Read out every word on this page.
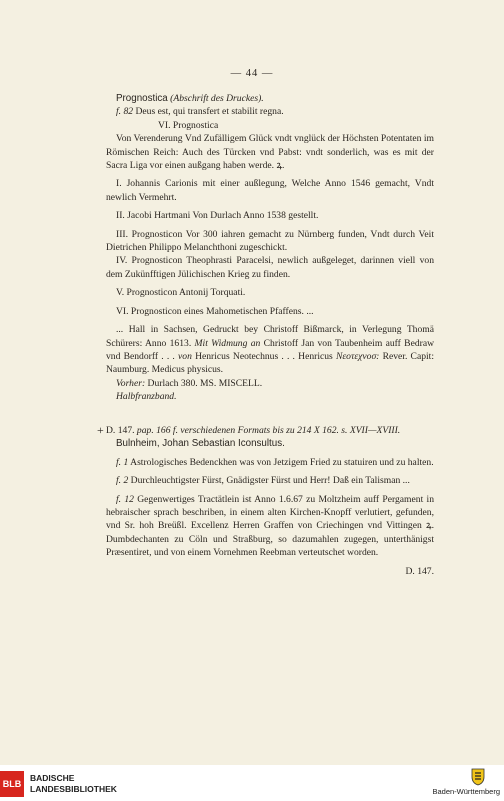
— 44 —

Prognostica (Abschrift des Druckes).

f. 82 Deus est, qui transfert et stabilit regna.

VI. Prognostica

Von Verenderung Vnd Zufälligem Glück vndt vnglück der Höchsten Potentaten im Römischen Reich: Auch des Türcken vnd Pabst: vndt sonderlich, was es mit der Sacra Liga vor einen außgang haben werde. ꝝ.

I. Johannis Carionis mit einer außlegung, Welche Anno 1546 gemacht, Vndt newlich Vermehrt.

II. Jacobi Hartmani Von Durlach Anno 1538 gestellt.

III. Prognosticon Vor 300 iahren gemacht zu Nürnberg funden, Vndt durch Veit Dietrichen Philippo Melanchthoni zugeschickt.

IV. Prognosticon Theophrasti Paracelsi, newlich außgeleget, darinnen viell von dem Zukünfftigen Jülichischen Krieg zu finden.

V. Prognosticon Antonij Torquati.

VI. Prognosticon eines Mahometischen Pfaffens. ...

... Hall in Sachsen, Gedruckt bey Christoff Bißmarck, in Verlegung Thomä Schürers: Anno 1613. Mit Widmung an Christoff Jan von Taubenheim auff Bedraw vnd Bendorff . . . von Henricus Neotechnus . . . Henricus Νεοτεχνοσ: Rever. Capit: Naumburg. Medicus physicus.

Vorher: Durlach 380. MS. MISCELL.

Halbfranzband.

+ D. 147. pap. 166 f. verschiedenen Formats bis zu 214 X 162. s. XVII—XVIII.

Bulnheim, Johan Sebastian Iconsultus.

f. 1 Astrologisches Bedenckhen was von Jetzigem Fried zu statuiren und zu halten.

f. 2 Durchleuchtigster Fürst, Gnädigster Fürst und Herr! Daß ein Talisman ...

f. 12 Gegenwertiges Tractätlein ist Anno 1.6.67 zu Moltzheim auff Pergament in hebraischer sprach beschriben, in einem alten Kirchen-Knopff verlutiert, gefunden, vnd Sr. hoh Breüßl. Excellenz Herren Graffen von Criechingen vnd Vittingen ꝝ. Dumbdechanten zu Cöln und Straßburg, so dazumahlen zugegen, unterthänigst Præsentiret, und von einem Vornehmen Reebman verteutschet worden.

D. 147.

BLB
BADISCHE
LANDESBIBLIOTHEK	Baden-Württemberg
